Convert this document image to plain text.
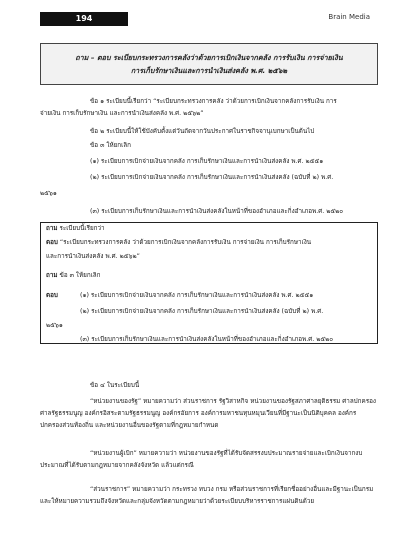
194	Brain Media

ถาม – ตอบ ระเบียบกระทรวงการคลังว่าด้วยการเบิกเงินจากคลัง การรับเงิน การจ่ายเงิน

การเก็บรักษาเงินและการนำเงินส่งคลัง พ.ศ. ๒๕๖๒

ข้อ ๑ ระเบียบนี้เรียกว่า “ระเบียบกระทรวงการคลัง ว่าด้วยการเบิกเงินจากคลังการรับเงิน การ
จ่ายเงิน การเก็บรักษาเงิน และการนำเงินส่งคลัง พ.ศ. ๒๕๖๒”
ข้อ ๒ ระเบียบนี้ให้ใช้บังคับตั้งแต่วันถัดจากวันประกาศในราชกิจจานุเบกษาเป็นต้นไป
ข้อ ๓ ให้ยกเลิก
(๑) ระเบียบการเบิกจ่ายเงินจากคลัง การเก็บรักษาเงินและการนำเงินส่งคลัง พ.ศ. ๒๕๕๑
(๒) ระเบียบการเบิกจ่ายเงินจากคลัง การเก็บรักษาเงินและการนำเงินส่งคลัง (ฉบับที่ ๒) พ.ศ.
๒๕๖๑
(๓) ระเบียบการเก็บรักษาเงินและการนำเงินส่งคลังในหน้าที่ของอำเภอและกิ่งอำเภอพ.ศ. ๒๕๒๐
ถาม ระเบียบนี้เรียกว่า
ตอบ “ระเบียบกระทรวงการคลัง ว่าด้วยการเบิกเงินจากคลังการรับเงิน การจ่ายเงิน การเก็บรักษาเงิน
และการนำเงินส่งคลัง พ.ศ. ๒๕๖๒”
ถาม ข้อ ๓ ให้ยกเลิก
ตอบ	(๑) ระเบียบการเบิกจ่ายเงินจากคลัง การเก็บรักษาเงินและการนำเงินส่งคลัง พ.ศ. ๒๕๕๑
(๒) ระเบียบการเบิกจ่ายเงินจากคลัง การเก็บรักษาเงินและการนำเงินส่งคลัง (ฉบับที่ ๒) พ.ศ.
๒๕๖๑
(๓) ระเบียบการเก็บรักษาเงินและการนำเงินส่งคลังในหน้าที่ของอำเภอและกิ่งอำเภอพ.ศ. ๒๕๒๐
ข้อ ๔ ในระเบียบนี้
“หน่วยงานของรัฐ” หมายความว่า ส่วนราชการ รัฐวิสาหกิจ หน่วยงานของรัฐสภาศาลยุติธรรม ศาลปกครอง ศาลรัฐธรรมนูญ องค์กรอิสระตามรัฐธรรมนูญ องค์กรอัยการ องค์การมหาชนทุนหมุนเวียนที่มีฐานะเป็นนิติบุคคล องค์กรปกครองส่วนท้องถิ่น และหน่วยงานอื่นของรัฐตามที่กฎหมายกำหนด
“หน่วยงานผู้เบิก” หมายความว่า หน่วยงานของรัฐที่ได้รับจัดสรรงบประมาณรายจ่ายและเบิกเงินจากงบประมาณที่ได้รับตามกฎหมายจากคลังจังหวัด แล้วแต่กรณี
“ส่วนราชการ” หมายความว่า กระทรวง ทบวง กรม หรือส่วนราชการที่เรียกชื่ออย่างอื่นและมีฐานะเป็นกรม และให้หมายความรวมถึงจังหวัดและกลุ่มจังหวัดตามกฎหมายว่าด้วยระเบียบบริหารราชการแผ่นดินด้วย
